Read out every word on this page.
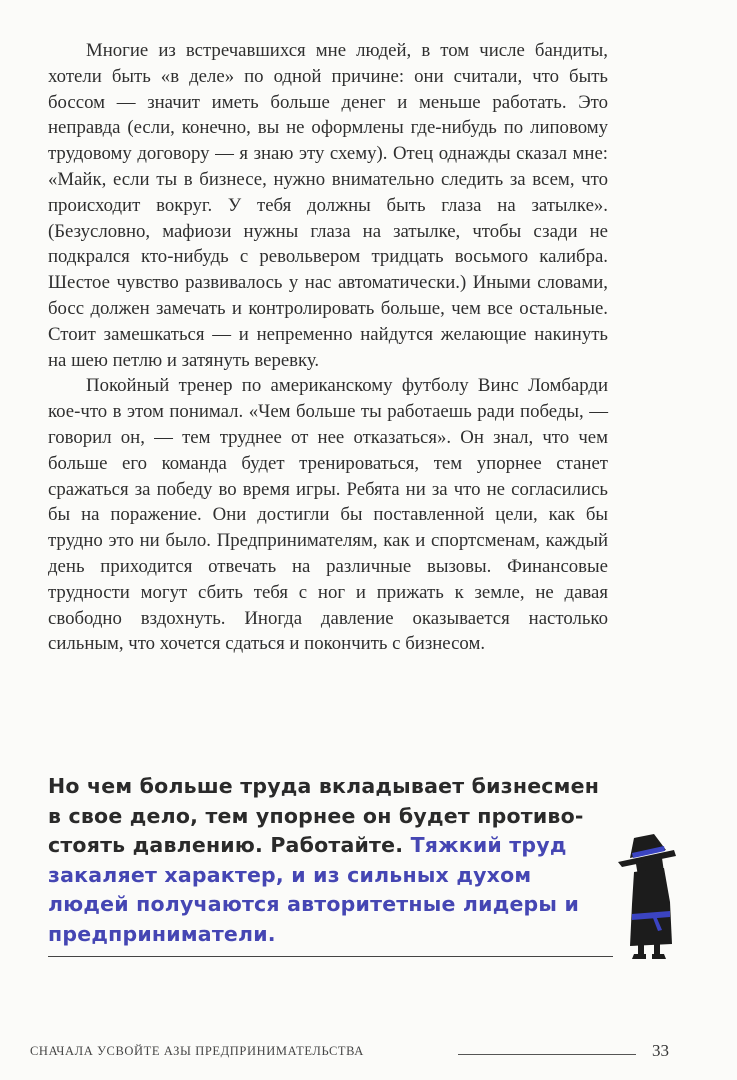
Многие из встречавшихся мне людей, в том числе бандиты, хотели быть «в деле» по одной причине: они считали, что быть боссом — значит иметь больше денег и меньше работать. Это неправда (если, конечно, вы не оформлены где-нибудь по липовому трудовому договору — я знаю эту схему). Отец однажды сказал мне: «Майк, если ты в бизнесе, нужно внимательно следить за всем, что происходит вокруг. У тебя должны быть глаза на затылке». (Безусловно, мафиози нужны глаза на затылке, чтобы сзади не подкрался кто-нибудь с револьвером тридцать восьмого калибра. Шестое чувство развивалось у нас автоматически.) Иными словами, босс должен замечать и контролировать больше, чем все остальные. Стоит замешкаться — и непременно найдутся желающие накинуть на шею петлю и затянуть веревку.

Покойный тренер по американскому футболу Винс Ломбарди кое-что в этом понимал. «Чем больше ты работаешь ради победы, — говорил он, — тем труднее от нее отказаться». Он знал, что чем больше его команда будет тренироваться, тем упорнее станет сражаться за победу во время игры. Ребята ни за что не согласились бы на поражение. Они достигли бы поставленной цели, как бы трудно это ни было. Предпринимателям, как и спортсменам, каждый день приходится отвечать на различные вызовы. Финансовые трудности могут сбить тебя с ног и прижать к земле, не давая свободно вздохнуть. Иногда давление оказывается настолько сильным, что хочется сдаться и покончить с бизнесом.

Но чем больше труда вкладывает бизнесмен в свое дело, тем упорнее он будет противостоять давлению. Работайте. Тяжкий труд закаляет характер, и из сильных духом людей получаются авторитетные лидеры и предприниматели.

СНАЧАЛА УСВОЙТЕ АЗЫ ПРЕДПРИНИМАТЕЛЬСТВА	33
